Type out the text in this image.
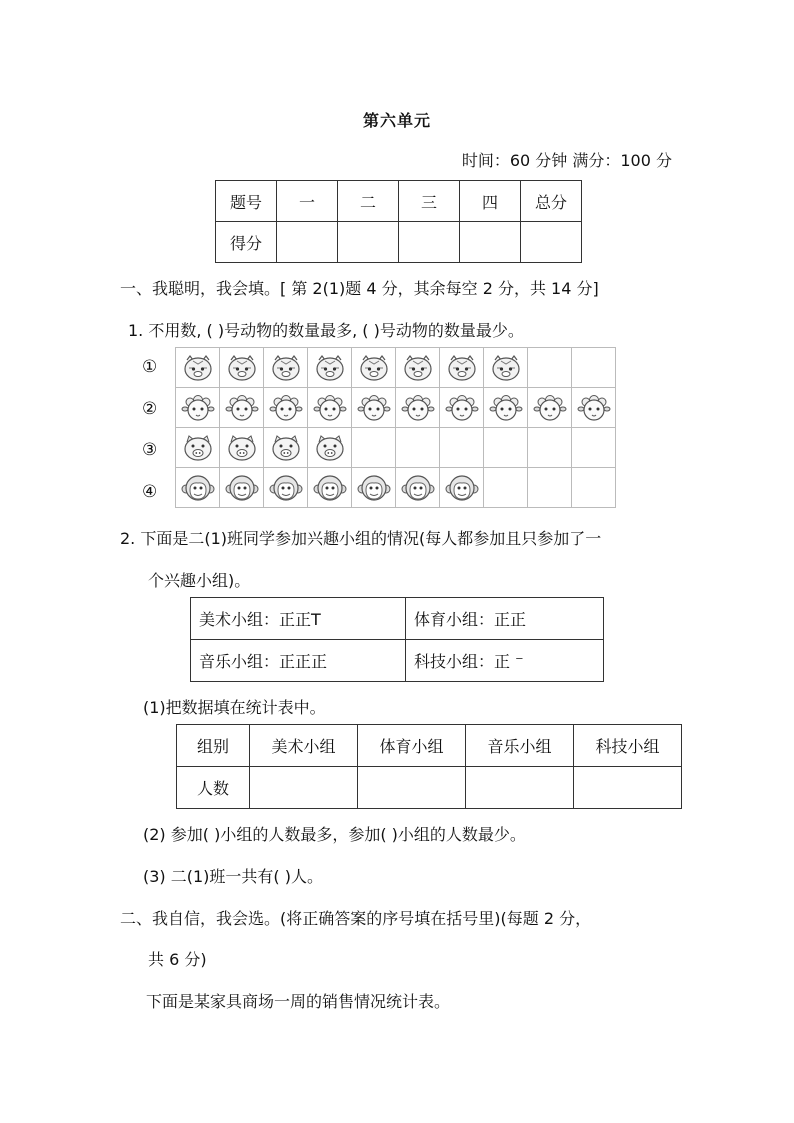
第六单元
时间：60 分钟 满分：100 分
题号	一	二	三	四	总分
得分					
一、我聪明，我会填。[ 第 2(1)题 4 分，其余每空 2 分，共 14 分]
1. 不用数, ( )号动物的数量最多, ( )号动物的数量最少。
①
②
③
④

2. 下面是二(1)班同学参加兴趣小组的情况(每人都参加且只参加了一
个兴趣小组)。
美术小组：正正T	体育小组：正正
音乐小组：正正正	科技小组：正 ⁻
(1)把数据填在统计表中。
组别	美术小组	体育小组	音乐小组	科技小组
人数				
(2) 参加( )小组的人数最多，参加( )小组的人数最少。
(3) 二(1)班一共有( )人。
二、我自信，我会选。(将正确答案的序号填在括号里)(每题 2 分，
共 6 分)
下面是某家具商场一周的销售情况统计表。
